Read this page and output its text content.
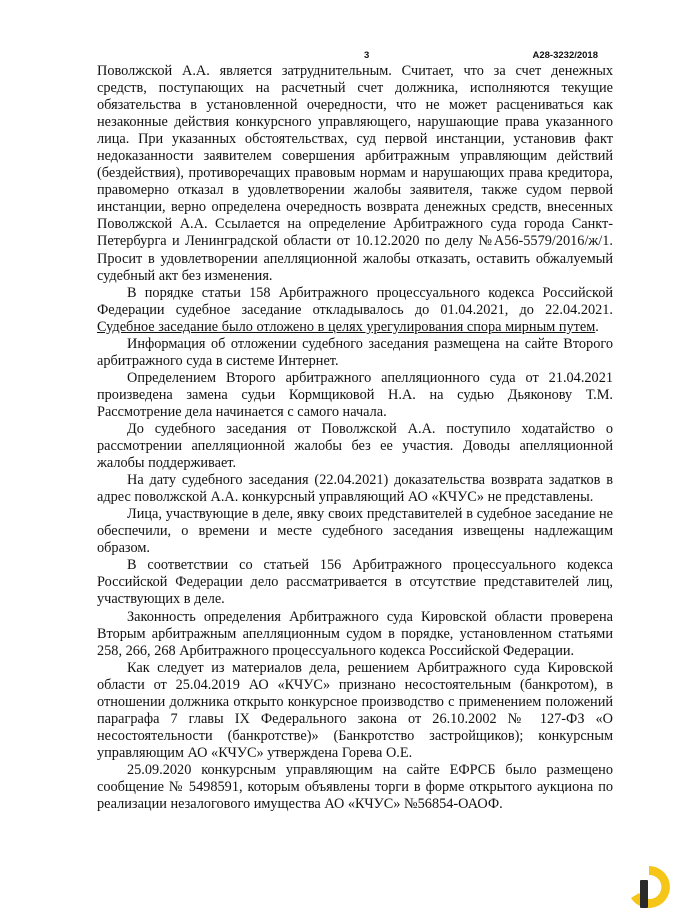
3	А28-3232/2018

Поволжской А.А. является затруднительным. Считает, что за счет денежных средств, поступающих на расчетный счет должника, исполняются текущие обязательства в установленной очередности, что не может расцениваться как незаконные действия конкурсного управляющего, нарушающие права указанного лица. При указанных обстоятельствах, суд первой инстанции, установив факт недоказанности заявителем совершения арбитражным управляющим действий (бездействия), противоречащих правовым нормам и нарушающих права кредитора, правомерно отказал в удовлетворении жалобы заявителя, также судом первой инстанции, верно определена очередность возврата денежных средств, внесенных Поволжской А.А. Ссылается на определение Арбитражного суда города Санкт-Петербурга и Ленинградской области от 10.12.2020 по делу №А56-5579/2016/ж/1. Просит в удовлетворении апелляционной жалобы отказать, оставить обжалуемый судебный акт без изменения.

В порядке статьи 158 Арбитражного процессуального кодекса Российской Федерации судебное заседание откладывалось до 01.04.2021, до 22.04.2021. Судебное заседание было отложено в целях урегулирования спора мирным путем.

Информация об отложении судебного заседания размещена на сайте Второго арбитражного суда в системе Интернет.

Определением Второго арбитражного апелляционного суда от 21.04.2021 произведена замена судьи Кормщиковой Н.А. на судью Дьяконову Т.М. Рассмотрение дела начинается с самого начала.

До судебного заседания от Поволжской А.А. поступило ходатайство о рассмотрении апелляционной жалобы без ее участия. Доводы апелляционной жалобы поддерживает.

На дату судебного заседания (22.04.2021) доказательства возврата задатков в адрес поволжской А.А. конкурсный управляющий АО «КЧУС» не представлены.

Лица, участвующие в деле, явку своих представителей в судебное заседание не обеспечили, о времени и месте судебного заседания извещены надлежащим образом.

В соответствии со статьей 156 Арбитражного процессуального кодекса Российской Федерации дело рассматривается в отсутствие представителей лиц, участвующих в деле.

Законность определения Арбитражного суда Кировской области проверена Вторым арбитражным апелляционным судом в порядке, установленном статьями 258, 266, 268 Арбитражного процессуального кодекса Российской Федерации.

Как следует из материалов дела, решением Арбитражного суда Кировской области от 25.04.2019 АО «КЧУС» признано несостоятельным (банкротом), в отношении должника открыто конкурсное производство с применением положений параграфа 7 главы IX Федерального закона от 26.10.2002 № 127-ФЗ «О несостоятельности (банкротстве)» (Банкротство застройщиков); конкурсным управляющим АО «КЧУС» утверждена Горева О.Е.

25.09.2020 конкурсным управляющим на сайте ЕФРСБ было размещено сообщение № 5498591, которым объявлены торги в форме открытого аукциона по реализации незалогового имущества АО «КЧУС» №56854-ОАОФ.
